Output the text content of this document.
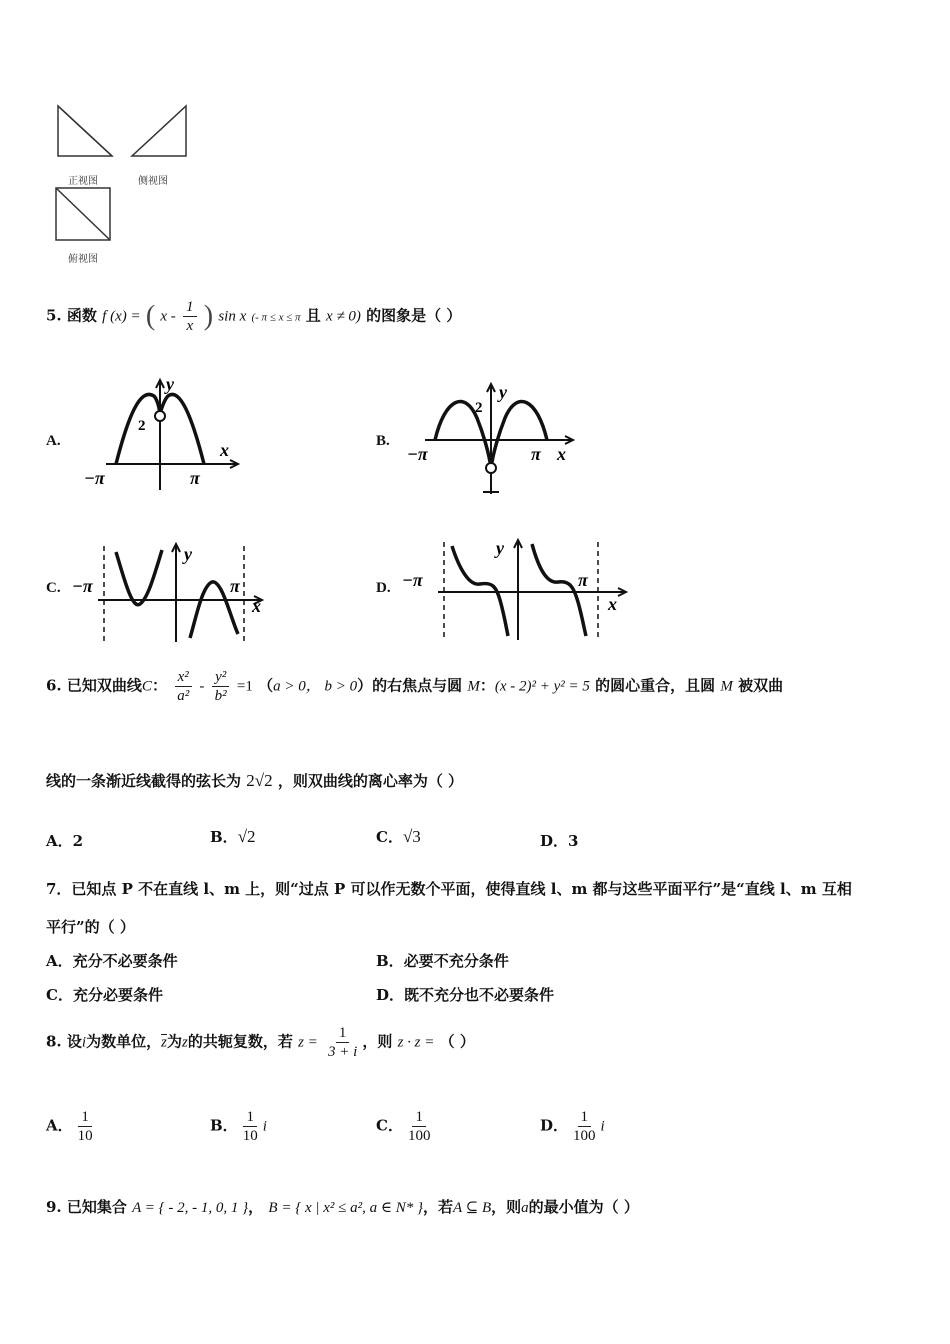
正视图	侧视图
俯视图
5. 函数 f (x) = ( x - $\frac{1}{x}$ ) sin x (- π ≤ x ≤ π 且 x ≠ 0) 的图象是（ ）
A.
y
x
2
−π	π
B.
y
x
2
−π	π
C.
y
x
−π	π	D.
y
x
−π	π
6. 已知双曲线C： $\frac{\text{x²}}{\text{a²}} - \frac{\text{y²}}{\text{b²}} =1$ （a > 0， b > 0）的右焦点与圆 M：(x - 2)² + y² = 5 的圆心重合，且圆 M 被双曲
线的一条渐近线截得的弦长为 2√2 ，则双曲线的离心率为（ ）
A．2	B．√2	C．√3	D．3
7．已知点 P 不在直线 l、m 上，则“过点 P 可以作无数个平面，使得直线 l、m 都与这些平面平行”是“直线 l、m 互相
平行”的（ ）
A．充分不必要条件	B．必要不充分条件
C．充分必要条件	D．既不充分也不必要条件
8. 设i为数单位，$\overline{z}$为z的共轭复数，若 $z = \frac{1}{3 + i}$ ，则 z · z = （ ）
A． $\frac{1}{10}$	B． $\frac{1}{10}$ i	C． $\frac{1}{100}$	D． $\frac{1}{100}$ i
9. 已知集合 A = { - 2, - 1, 0, 1 }， B = { x | x² ≤ a², a ∈ N* }，若A ⊆ B，则a的最小值为（ ）
